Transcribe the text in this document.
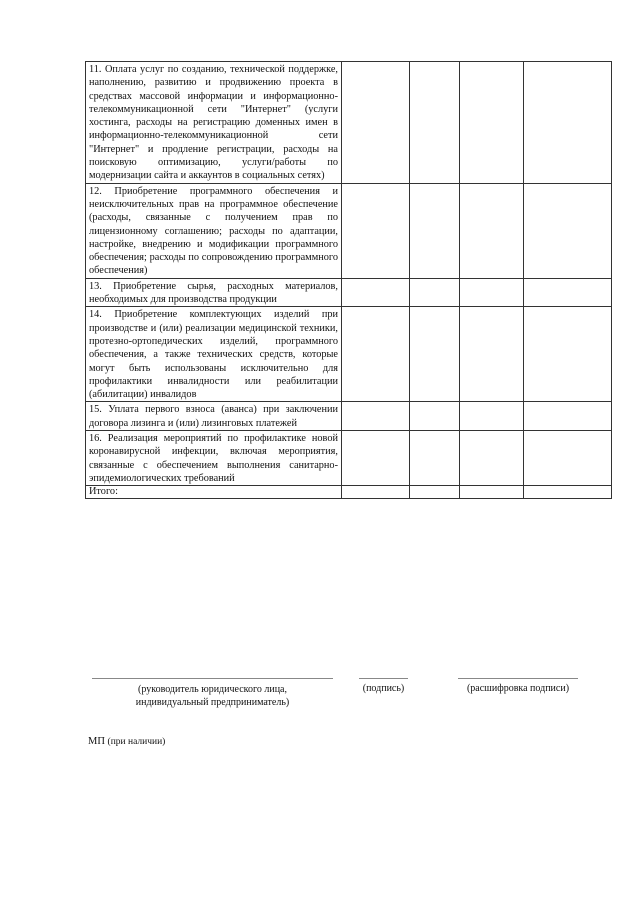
11. Оплата услуг по созданию, технической поддержке, наполнению, развитию и продвижению проекта в средствах массовой информации и информационно-телекоммуникационной сети "Интернет" (услуги хостинга, расходы на регистрацию доменных имен в информационно-телекоммуникационной сети "Интернет" и продление регистрации, расходы на поисковую оптимизацию, услуги/работы по модернизации сайта и аккаунтов в социальных сетях)				
12. Приобретение программного обеспечения и неисключительных прав на программное обеспечение (расходы, связанные с получением прав по лицензионному соглашению; расходы по адаптации, настройке, внедрению и модификации программного обеспечения; расходы по сопровождению программного обеспечения)				
13. Приобретение сырья, расходных материалов, необходимых для производства продукции				
14. Приобретение комплектующих изделий при производстве и (или) реализации медицинской техники, протезно-ортопедических изделий, программного обеспечения, а также технических средств, которые могут быть использованы исключительно для профилактики инвалидности или реабилитации (абилитации) инвалидов				
15. Уплата первого взноса (аванса) при заключении договора лизинга и (или) лизинговых платежей				
16. Реализация мероприятий по профилактике новой коронавирусной инфекции, включая мероприятия, связанные с обеспечением выполнения санитарно-эпидемиологических требований				
Итого:				
(руководитель юридического лица, индивидуальный предприниматель)
(подпись)	(расшифровка подписи)
МП (при наличии)
